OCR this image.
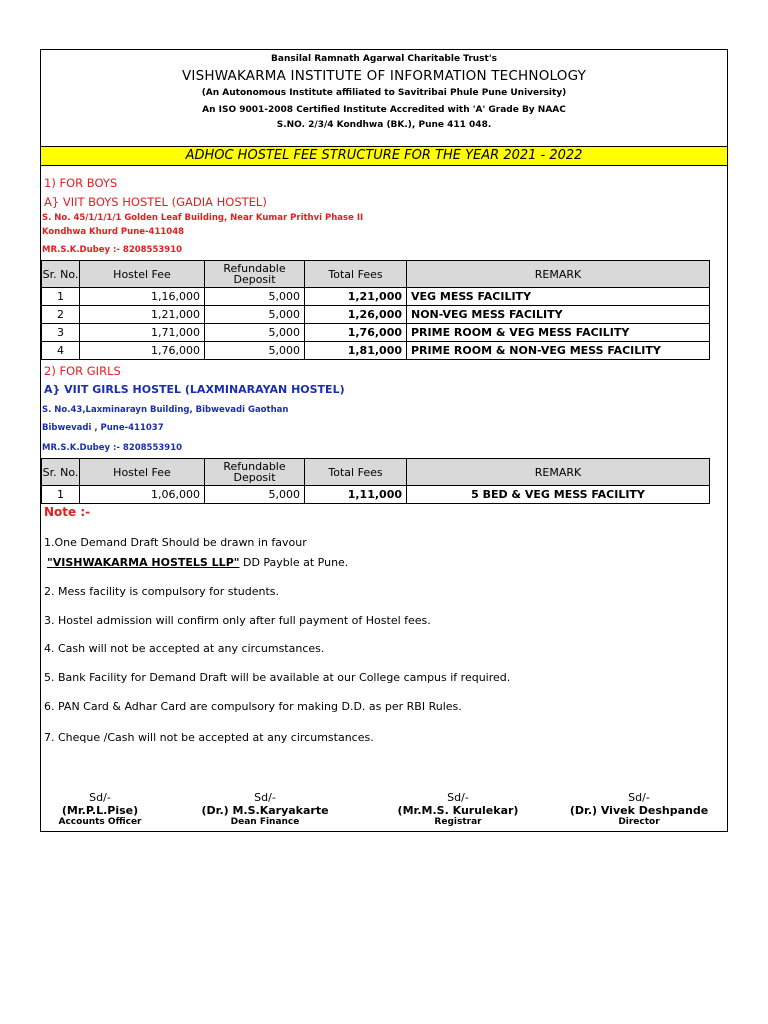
Bansilal Ramnath Agarwal Charitable Trust's
VISHWAKARMA INSTITUTE OF INFORMATION TECHNOLOGY
(An Autonomous Institute affiliated to Savitribai Phule Pune University)
An ISO 9001-2008 Certified Institute Accredited with 'A' Grade By NAAC
S.NO. 2/3/4 Kondhwa (BK.), Pune 411 048.
ADHOC HOSTEL FEE STRUCTURE FOR THE YEAR 2021 - 2022
1) FOR BOYS
A} VIIT BOYS HOSTEL (GADIA HOSTEL)
S. No. 45/1/1/1/1 Golden Leaf Building, Near Kumar Prithvi Phase II
Kondhwa Khurd Pune-411048
MR.S.K.Dubey :- 8208553910
Sr. No.	Hostel Fee	Refundable Deposit	Total Fees	REMARK
1	1,16,000	5,000	1,21,000	VEG MESS FACILITY
2	1,21,000	5,000	1,26,000	NON-VEG MESS FACILITY
3	1,71,000	5,000	1,76,000	PRIME ROOM & VEG MESS FACILITY
4	1,76,000	5,000	1,81,000	PRIME ROOM & NON-VEG MESS FACILITY
2) FOR GIRLS
A} VIIT GIRLS HOSTEL (LAXMINARAYAN HOSTEL)
S. No.43,Laxminarayn Building, Bibwevadi Gaothan
Bibwevadi , Pune-411037
MR.S.K.Dubey :- 8208553910
Sr. No.	Hostel Fee	Refundable Deposit	Total Fees	REMARK
1	1,06,000	5,000	1,11,000	5 BED & VEG MESS FACILITY
Note :-
1.One Demand Draft Should be drawn in favour
"VISHWAKARMA HOSTELS LLP" DD Payble at Pune.
2. Mess facility is compulsory for students.
3. Hostel admission will confirm only after full payment of Hostel fees.
4. Cash will not be accepted at any circumstances.
5. Bank Facility for Demand Draft will be available at our College campus if required.
6. PAN Card & Adhar Card are compulsory for making D.D. as per RBI Rules.
7. Cheque /Cash will not be accepted at any circumstances.
Sd/-
(Mr.P.L.Pise)
Accounts Officer
Sd/-
(Dr.) M.S.Karyakarte
Dean Finance
Sd/-
(Mr.M.S. Kurulekar)
Registrar
Sd/-
(Dr.) Vivek Deshpande
Director
